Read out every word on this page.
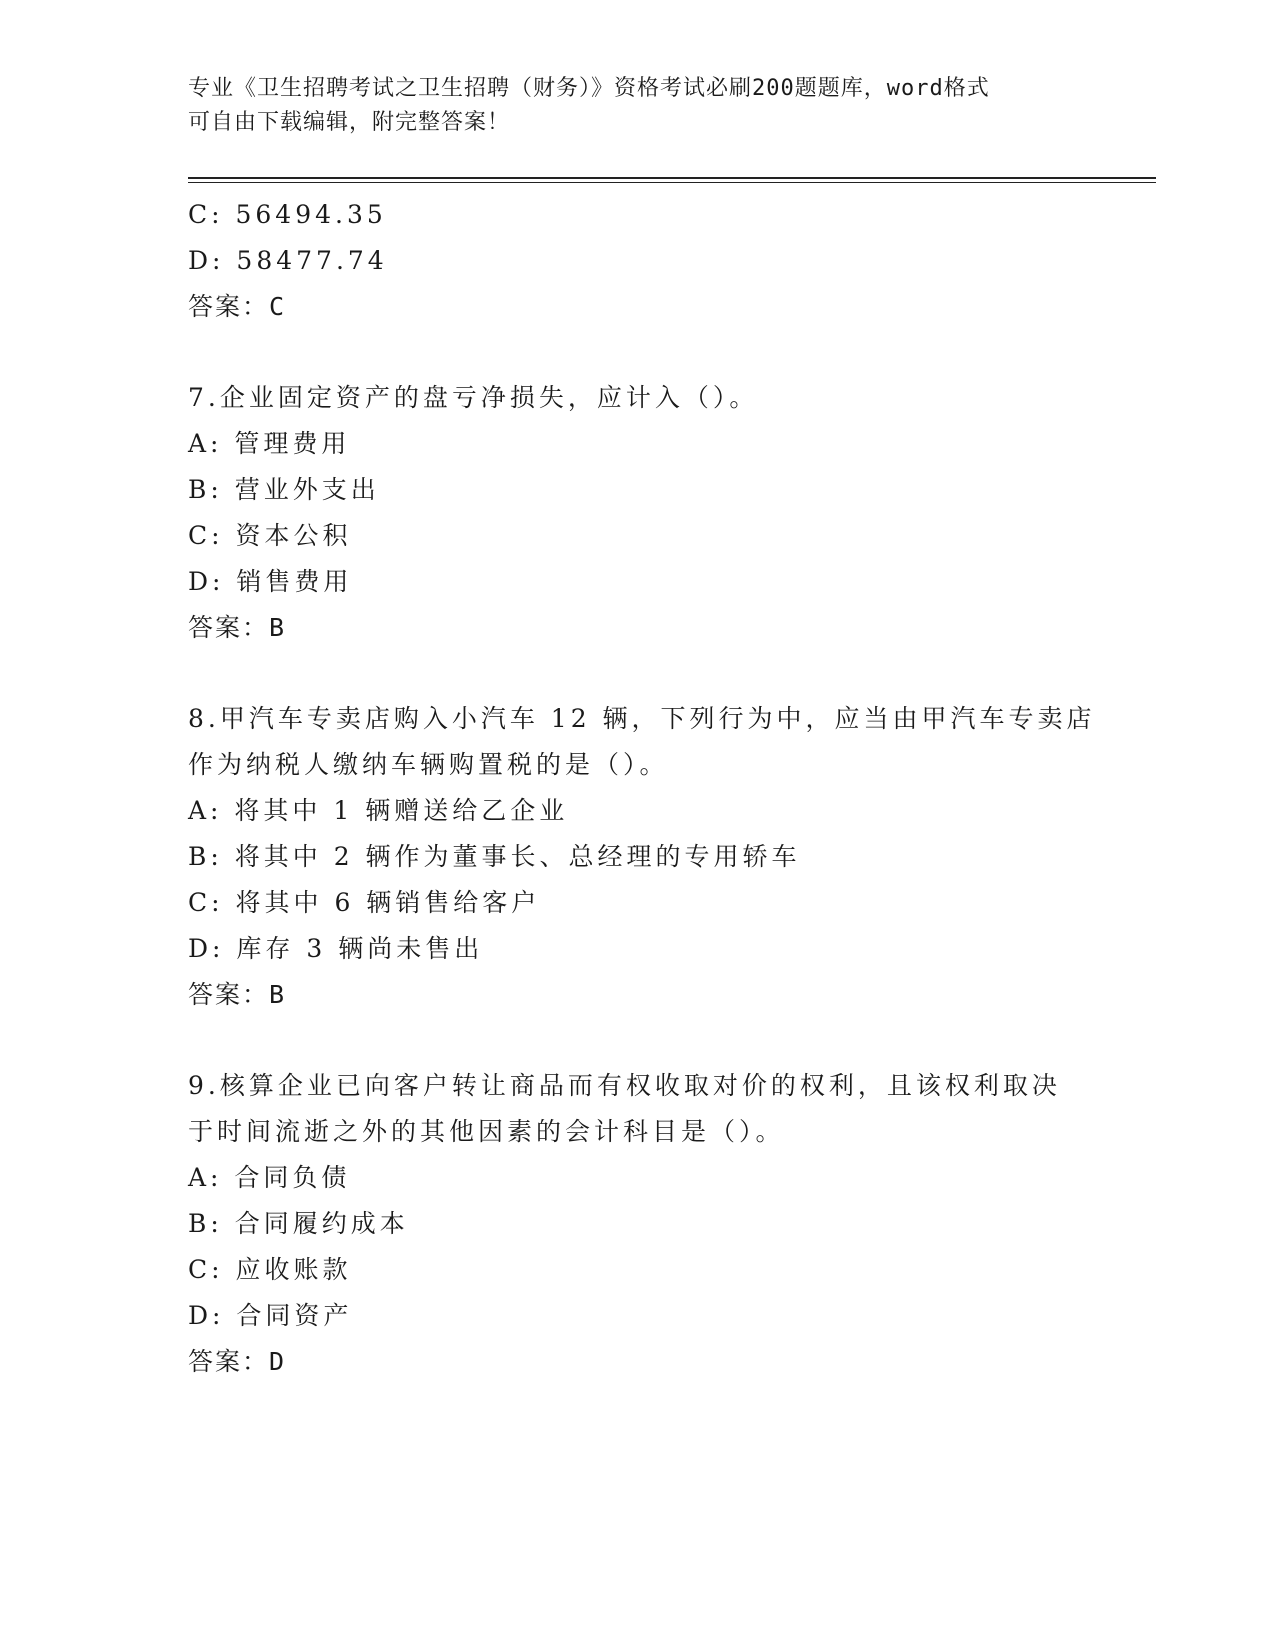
专业《卫生招聘考试之卫生招聘（财务）》资格考试必刷200题题库，word格式
可自由下载编辑，附完整答案！
C: 56494.35
D: 58477.74
答案：C
7.企业固定资产的盘亏净损失，应计入（）。
A: 管理费用
B: 营业外支出
C: 资本公积
D: 销售费用
答案：B
8.甲汽车专卖店购入小汽车 12 辆，下列行为中，应当由甲汽车专卖店
作为纳税人缴纳车辆购置税的是（）。
A: 将其中 1 辆赠送给乙企业
B: 将其中 2 辆作为董事长、总经理的专用轿车
C: 将其中 6 辆销售给客户
D: 库存 3 辆尚未售出
答案：B
9.核算企业已向客户转让商品而有权收取对价的权利，且该权利取决
于时间流逝之外的其他因素的会计科目是（）。
A: 合同负债
B: 合同履约成本
C: 应收账款
D: 合同资产
答案：D
